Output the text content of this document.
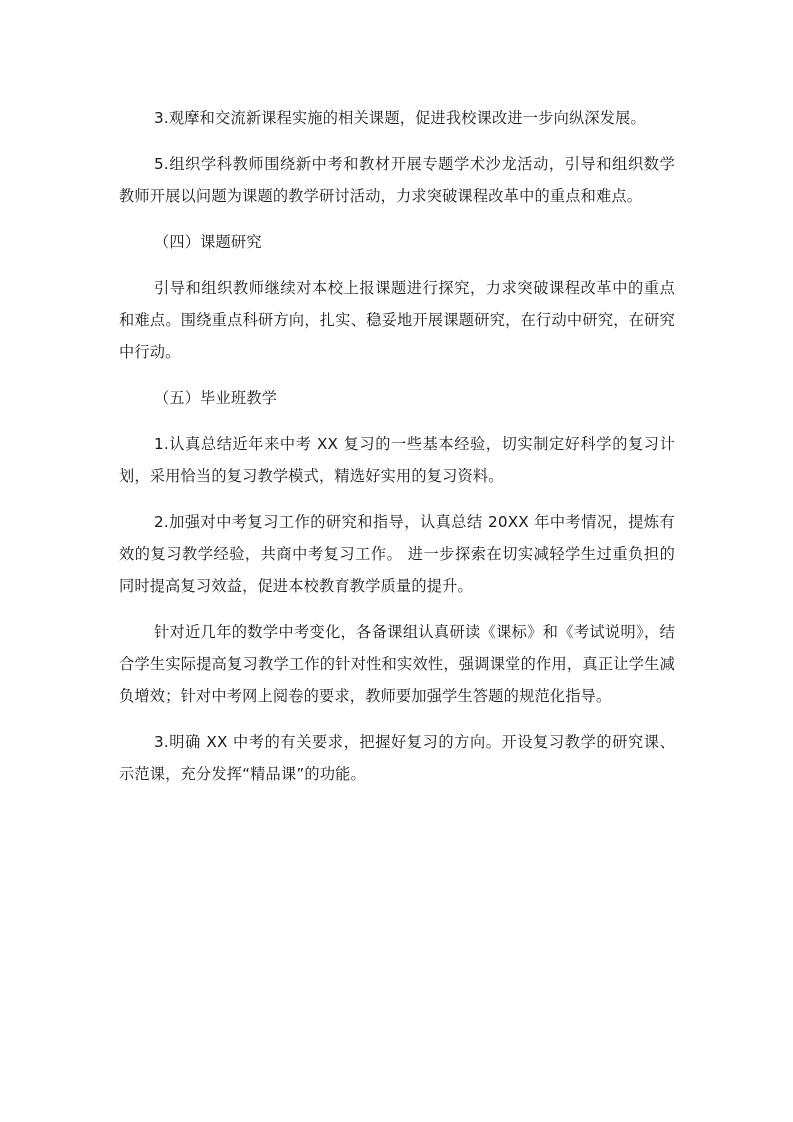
3.观摩和交流新课程实施的相关课题，促进我校课改进一步向纵深发展。

5.组织学科教师围绕新中考和教材开展专题学术沙龙活动，引导和组织数学教师开展以问题为课题的教学研讨活动，力求突破课程改革中的重点和难点。

（四）课题研究

引导和组织教师继续对本校上报课题进行探究，力求突破课程改革中的重点和难点。围绕重点科研方向，扎实、稳妥地开展课题研究，在行动中研究，在研究中行动。

（五）毕业班教学

1.认真总结近年来中考 XX 复习的一些基本经验，切实制定好科学的复习计划，采用恰当的复习教学模式，精选好实用的复习资料。

2.加强对中考复习工作的研究和指导，认真总结 20XX 年中考情况，提炼有效的复习教学经验，共商中考复习工作。 进一步探索在切实减轻学生过重负担的同时提高复习效益，促进本校教育教学质量的提升。

针对近几年的数学中考变化，各备课组认真研读《课标》和《考试说明》，结合学生实际提高复习教学工作的针对性和实效性，强调课堂的作用，真正让学生减负增效；针对中考网上阅卷的要求，教师要加强学生答题的规范化指导。

3.明确 XX 中考的有关要求，把握好复习的方向。开设复习教学的研究课、示范课，充分发挥“精品课”的功能。
